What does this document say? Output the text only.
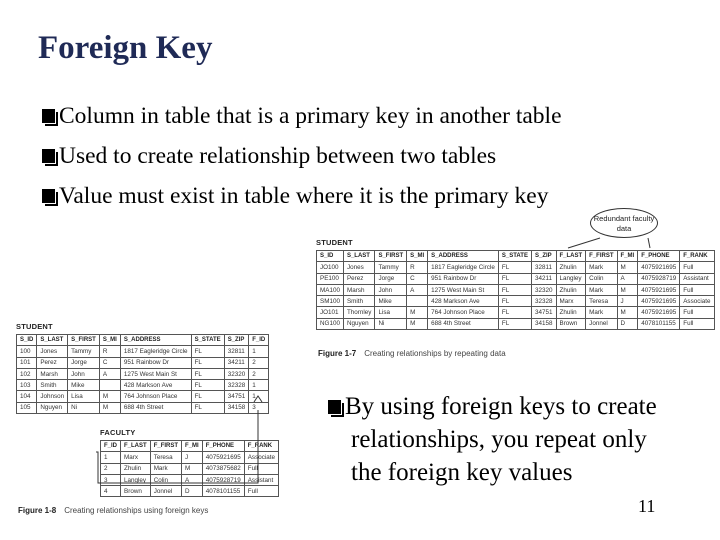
Foreign Key
Column in table that is a primary key in another table
Used to create relationship between two tables
Value must exist in table where it is the primary key
STUDENT
S_ID	S_LAST	S_FIRST	S_MI	S_ADDRESS	S_STATE	S_ZIP	F_LAST	F_FIRST	F_MI	F_PHONE	F_RANK
JO100	Jones	Tammy	R	1817 Eagleridge Circle	FL	32811	Zhulin	Mark	M	4075921695	Full
PE100	Perez	Jorge	C	951 Rainbow Dr	FL	34211	Langley	Colin	A	4075928719	Assistant
MA100	Marsh	John	A	1275 West Main St	FL	32320	Zhulin	Mark	M	4075921695	Full
SM100	Smith	Mike		428 Markson Ave	FL	32328	Marx	Teresa	J	4075921695	Associate
JO101	Thornley	Lisa	M	764 Johnson Place	FL	34751	Zhulin	Mark	M	4075921695	Full
NG100	Nguyen	Ni	M	688 4th Street	FL	34158	Brown	Jonnel	D	4078101155	Full
Redundant faculty data
Figure 1-7 Creating relationships by repeating data
STUDENT
S_ID	S_LAST	S_FIRST	S_MI	S_ADDRESS	S_STATE	S_ZIP	F_ID
100	Jones	Tammy	R	1817 Eagleridge Circle	FL	32811	1
101	Perez	Jorge	C	951 Rainbow Dr	FL	34211	2
102	Marsh	John	A	1275 West Main St	FL	32320	2
103	Smith	Mike		428 Markson Ave	FL	32328	1
104	Johnson	Lisa	M	764 Johnson Place	FL	34751	1
105	Nguyen	Ni	M	688 4th Street	FL	34158	3
FACULTY
F_ID	F_LAST	F_FIRST	F_MI	F_PHONE	F_RANK
1	Marx	Teresa	J	4075921695	Associate
2	Zhulin	Mark	M	4073875682	Full
3	Langley	Colin	A	4075928719	Assistant
4	Brown	Jonnel	D	4078101155	Full
Figure 1-8 Creating relationships using foreign keys
By using foreign keys to create
relationships, you repeat only
the foreign key values
11
